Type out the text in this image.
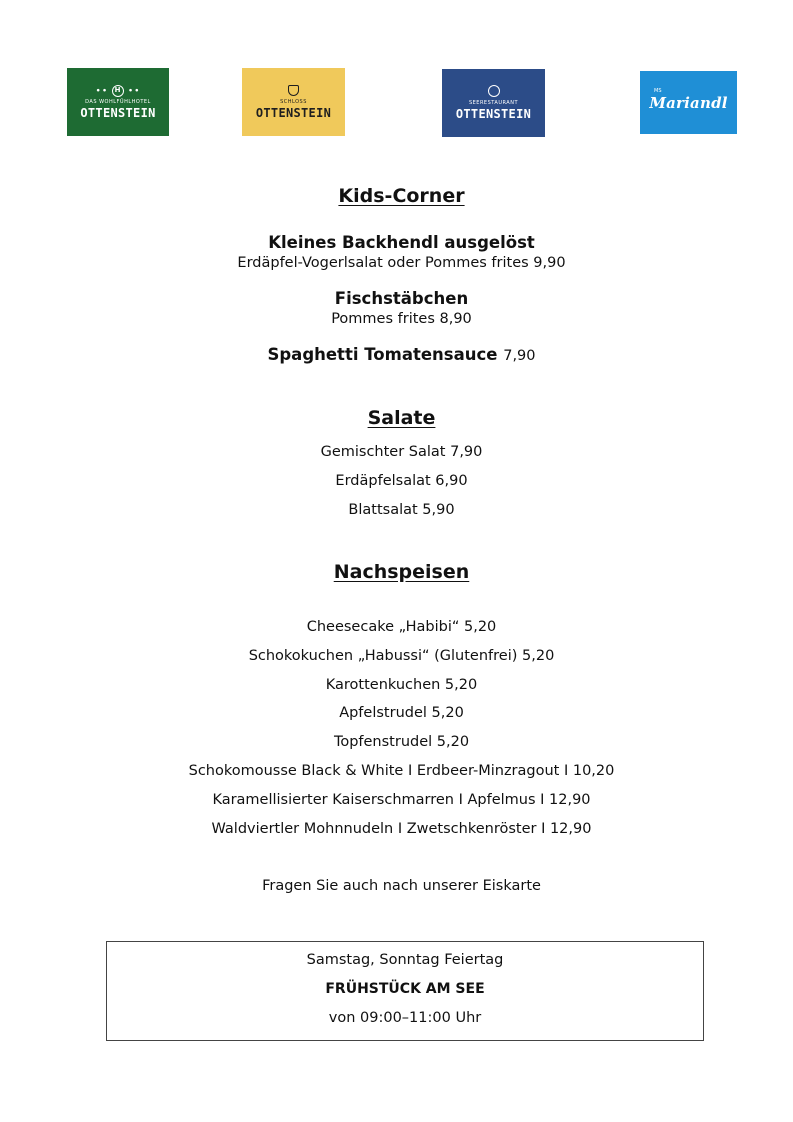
•• H ••
DAS WOHLFÜHLHOTEL
OTTENSTEIN
SCHLOSS
OTTENSTEIN
SEERESTAURANT
OTTENSTEIN
MS
Mariandl
Kids-Corner
Kleines Backhendl ausgelöst
Erdäpfel-Vogerlsalat oder Pommes frites 9,90
Fischstäbchen
Pommes frites 8,90
Spaghetti Tomatensauce 7,90
Salate
Gemischter Salat 7,90
Erdäpfelsalat 6,90
Blattsalat 5,90
Nachspeisen
Cheesecake „Habibi“ 5,20
Schokokuchen „Habussi“ (Glutenfrei) 5,20
Karottenkuchen 5,20
Apfelstrudel 5,20
Topfenstrudel 5,20
Schokomousse Black & White I Erdbeer-Minzragout I 10,20
Karamellisierter Kaiserschmarren I Apfelmus I 12,90
Waldviertler Mohnnudeln I Zwetschkenröster I 12,90
Fragen Sie auch nach unserer Eiskarte
Samstag, Sonntag Feiertag
FRÜHSTÜCK AM SEE
von 09:00–11:00 Uhr
